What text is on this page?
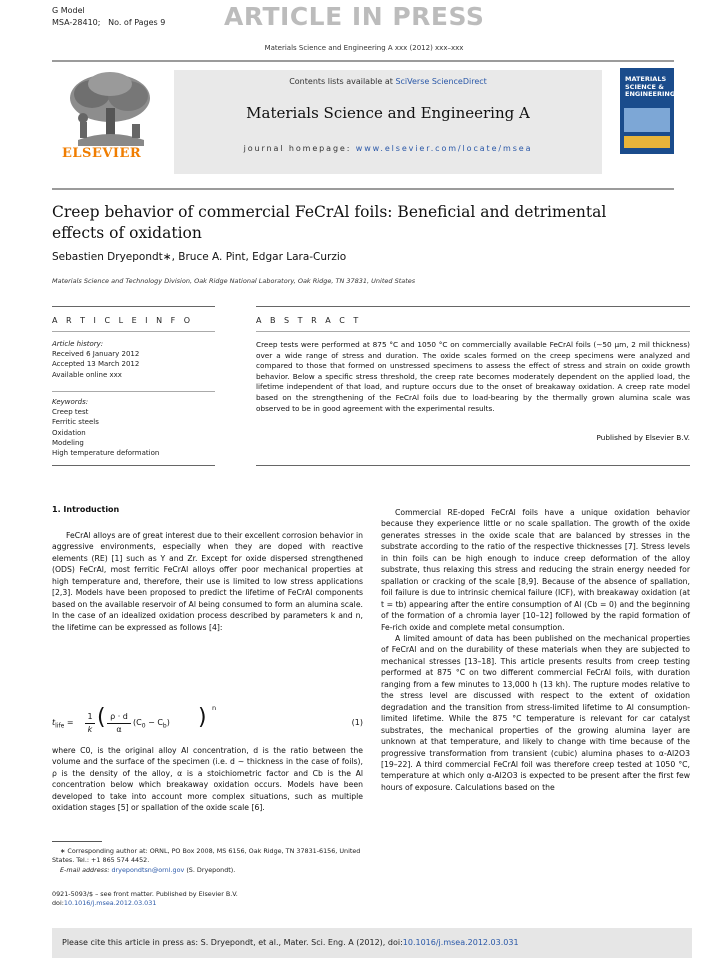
G Model
MSA-28410; No. of Pages 9 ARTICLE IN PRESS
Materials Science and Engineering A xxx (2012) xxx–xxx
ELSEVIER
Contents lists available at SciVerse ScienceDirect
Materials Science and Engineering A
journal homepage: www.elsevier.com/locate/msea
MATERIALS
SCIENCE &
ENGINEERING
Creep behavior of commercial FeCrAl foils: Beneficial and detrimental
effects of oxidation
Sebastien Dryepondt∗, Bruce A. Pint, Edgar Lara-Curzio
Materials Science and Technology Division, Oak Ridge National Laboratory, Oak Ridge, TN 37831, United States
A R T I C L E I N F O
Article history:
Received 6 January 2012
Accepted 13 March 2012
Available online xxx
Keywords:
Creep test
Ferritic steels
Oxidation
Modeling
High temperature deformation
A B S T R A C T
Creep tests were performed at 875 °C and 1050 °C on commercially available FeCrAl foils (∼50 μm, 2 mil thickness) over a wide range of stress and duration. The oxide scales formed on the creep specimens were analyzed and compared to those that formed on unstressed specimens to assess the effect of stress and strain on oxide growth behavior. Below a specific stress threshold, the creep rate becomes moderately dependent on the applied load, the lifetime independent of that load, and rupture occurs due to the onset of breakaway oxidation. A creep rate model based on the strengthening of the FeCrAl foils due to load-bearing by the thermally grown alumina scale was observed to be in good agreement with the experimental results.
Published by Elsevier B.V.
1. Introduction

FeCrAl alloys are of great interest due to their excellent corrosion behavior in aggressive environments, especially when they are doped with reactive elements (RE) [1] such as Y and Zr. Except for oxide dispersed strengthened (ODS) FeCrAl, most ferritic FeCrAl alloys offer poor mechanical properties at high temperature and, therefore, their use is limited to low stress applications [2,3]. Models have been proposed to predict the lifetime of FeCrAl components based on the available reservoir of Al being consumed to form an alumina scale. In the case of an idealized oxidation process described by parameters k and n, the lifetime can be expressed as follows [4]:

$t_{life} = \frac{1}{k}$ ( $\frac{\rho \cdot d}{\alpha} (C_0 - C_b)$ ) n
(1)

where C0, is the original alloy Al concentration, d is the ratio between the volume and the surface of the specimen (i.e. d ∼ thickness in the case of foils), ρ is the density of the alloy, α is a stoichiometric factor and Cb is the Al concentration below which breakaway oxidation occurs. Models have been developed to take into account more complex situations, such as multiple oxidation stages [5] or spallation of the oxide scale [6].

∗ Corresponding author at: ORNL, PO Box 2008, MS 6156, Oak Ridge, TN 37831-6156, United States. Tel.: +1 865 574 4452.
E-mail address: dryepondtsn@ornl.gov (S. Dryepondt).
0921-5093/$ – see front matter. Published by Elsevier B.V.
doi:10.1016/j.msea.2012.03.031

Commercial RE-doped FeCrAl foils have a unique oxidation behavior because they experience little or no scale spallation. The growth of the oxide generates stresses in the oxide scale that are balanced by stresses in the substrate according to the ratio of the respective thicknesses [7]. Stress levels in thin foils can be high enough to induce creep deformation of the alloy substrate, thus relaxing this stress and reducing the strain energy needed for spallation or cracking of the scale [8,9]. Because of the absence of spallation, foil failure is due to intrinsic chemical failure (ICF), with breakaway oxidation (at t = tb) appearing after the entire consumption of Al (Cb = 0) and the beginning of the formation of a chromia layer [10–12] followed by the rapid formation of Fe-rich oxide and complete metal consumption.

A limited amount of data has been published on the mechanical properties of FeCrAl and on the durability of these materials when they are subjected to mechanical stresses [13–18]. This article presents results from creep testing performed at 875 °C on two different commercial FeCrAl foils, with duration ranging from a few minutes to 13,000 h (13 kh). The rupture modes relative to the stress level are discussed with respect to the extent of oxidation degradation and the transition from stress-limited lifetime to Al consumption-limited lifetime. While the 875 °C temperature is relevant for car catalyst substrates, the mechanical properties of the growing alumina layer are unknown at that temperature, and likely to change with time because of the progressive transformation from transient (cubic) alumina phases to α-Al2O3 [19–22]. A third commercial FeCrAl foil was therefore creep tested at 1050 °C, temperature at which only α-Al2O3 is expected to be present after the first few hours of exposure. Calculations based on the

Please cite this article in press as: S. Dryepondt, et al., Mater. Sci. Eng. A (2012), doi:10.1016/j.msea.2012.03.031
